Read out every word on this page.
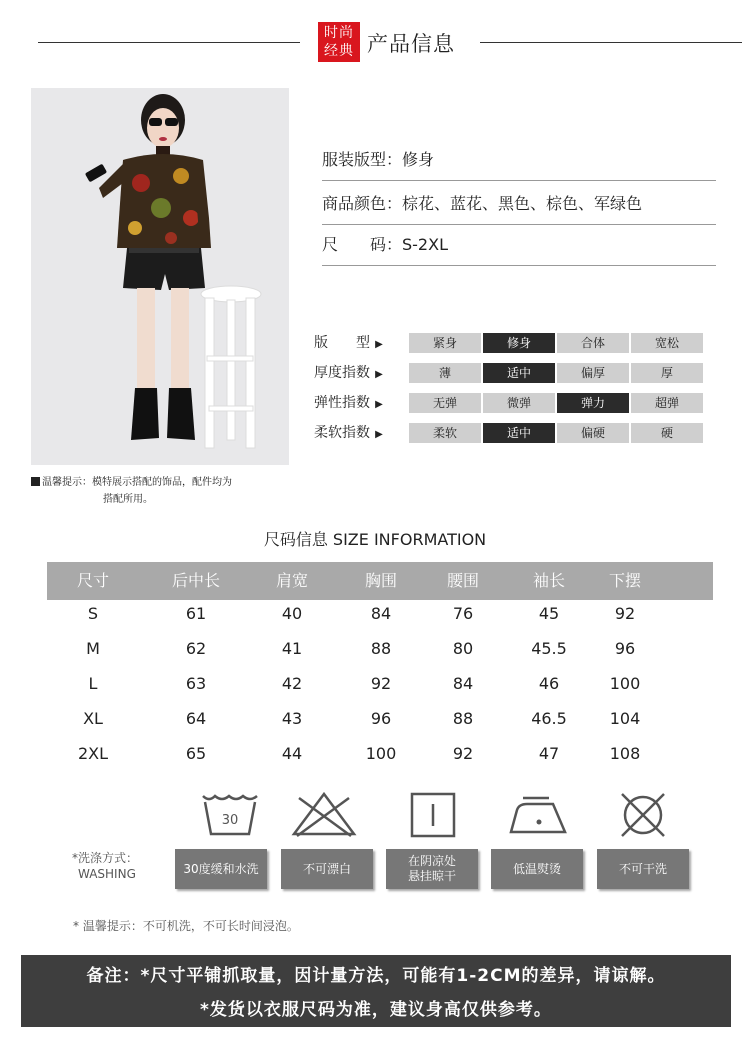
时尚
经典 产品信息
温馨提示：模特展示搭配的饰品，配件均为
搭配所用。
服装版型：修身
商品颜色：棕花、蓝花、黑色、棕色、军绿色
尺　　码：S-2XL
版　　型 ▶	紧身	修身	合体	宽松
厚度指数 ▶	薄	适中	偏厚	厚
弹性指数 ▶	无弹	微弹	弹力	超弹
柔软指数 ▶	柔软	适中	偏硬	硬
尺码信息 SIZE INFORMATION
尺寸	后中长	肩宽	胸围	腰围	袖长	下摆
S	61	40	84	76	45	92
M	62	41	88	80	45.5	96
L	63	42	92	84	46	100
XL	64	43	96	88	46.5	104
2XL	65	44	100	92	47	108
30
*洗涤方式：
WASHING	30度缓和水洗	不可漂白
在阴凉处
悬挂晾干
低温熨烫	不可干洗
* 温馨提示：不可机洗，不可长时间浸泡。
备注：*尺寸平铺抓取量，因计量方法，可能有1-2CM的差异，请谅解。
*发货以衣服尺码为准，建议身高仅供参考。
